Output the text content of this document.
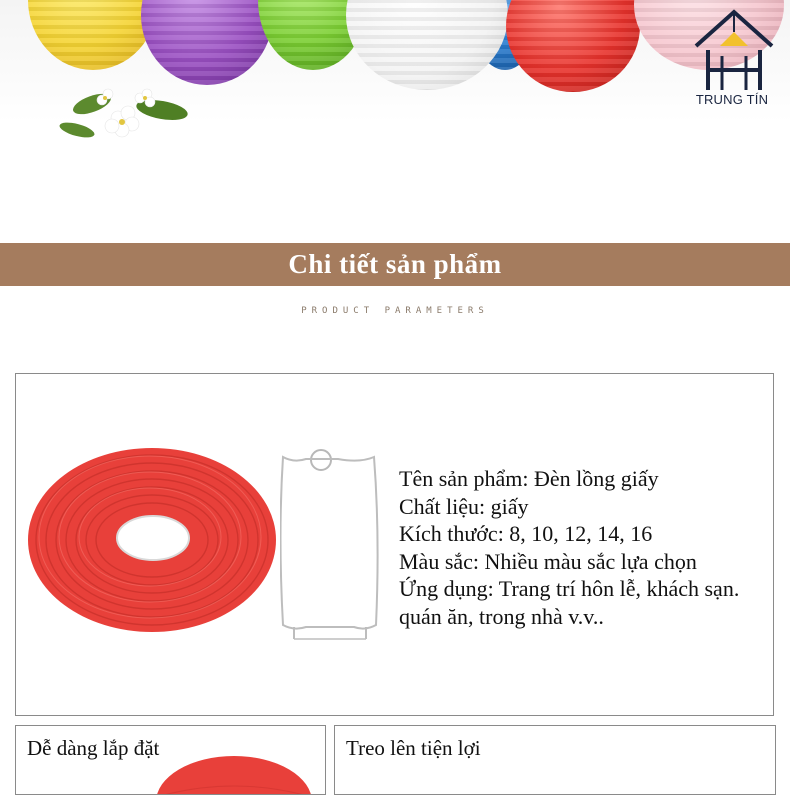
TRUNG TÍN
Chi tiết sản phẩm
PRODUCT PARAMETERS
Tên sản phẩm: Đèn lồng giấy
Chất liệu: giấy
Kích thước: 8, 10, 12, 14, 16
Màu sắc: Nhiều màu sắc lựa chọn
Ứng dụng: Trang trí hôn lễ, khách sạn.
quán ăn, trong nhà v.v..
Dễ dàng lắp đặt	Treo lên tiện lợi
